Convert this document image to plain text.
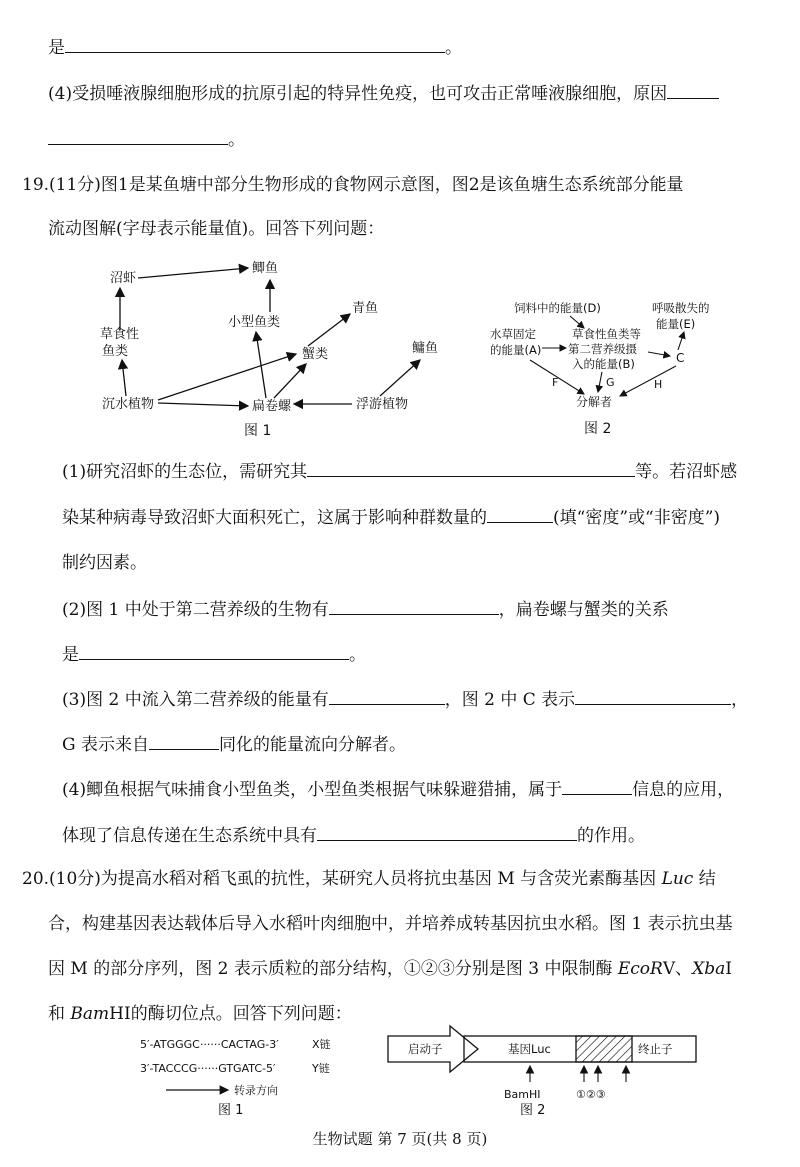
是	。
(4)受损唾液腺细胞形成的抗原引起的特异性免疫，也可攻击正常唾液腺细胞，原因
。
19.(11分)图1是某鱼塘中部分生物形成的食物网示意图，图2是该鱼塘生态系统部分能量
流动图解(字母表示能量值)。回答下列问题：
沼虾
鲫鱼
小型鱼类
草食性
鱼类
青鱼
蟹类	鳙鱼
沉水植物	扁卷螺	浮游植物
图 1
饲料中的能量(D)	呼吸散失的
能量(E)
水草固定
的能量(A)
草食性鱼类等
第二营养级摄
入的能量(B)	C
F	G	H
分解者
图 2
(1)研究沼虾的生态位，需研究其	等。若沼虾感
染某种病毒导致沼虾大面积死亡，这属于影响种群数量的	(填“密度”或“非密度”)
制约因素。
(2)图 1 中处于第二营养级的生物有	，扁卷螺与蟹类的关系
是	。
(3)图 2 中流入第二营养级的能量有	，图 2 中 C 表示	，
G 表示来自	同化的能量流向分解者。
(4)鲫鱼根据气味捕食小型鱼类，小型鱼类根据气味躲避猎捕，属于	信息的应用，
体现了信息传递在生态系统中具有	的作用。
20.(10分)为提高水稻对稻飞虱的抗性，某研究人员将抗虫基因 M 与含荧光素酶基因 Luc 结
合，构建基因表达载体后导入水稻叶肉细胞中，并培养成转基因抗虫水稻。图 1 表示抗虫基
因 M 的部分序列，图 2 表示质粒的部分结构，①②③分别是图 3 中限制酶 EcoRⅤ、XbaⅠ
和 BamHⅠ的酶切位点。回答下列问题：
5′-ATGGGC······CACTAG-3′	X链
3′-TACCCG······GTGATC-5′	Y链
转录方向
图 1
启动子	基因Luc	终止子
BamHⅠ	①②③
图 2
生物试题 第 7 页(共 8 页)
